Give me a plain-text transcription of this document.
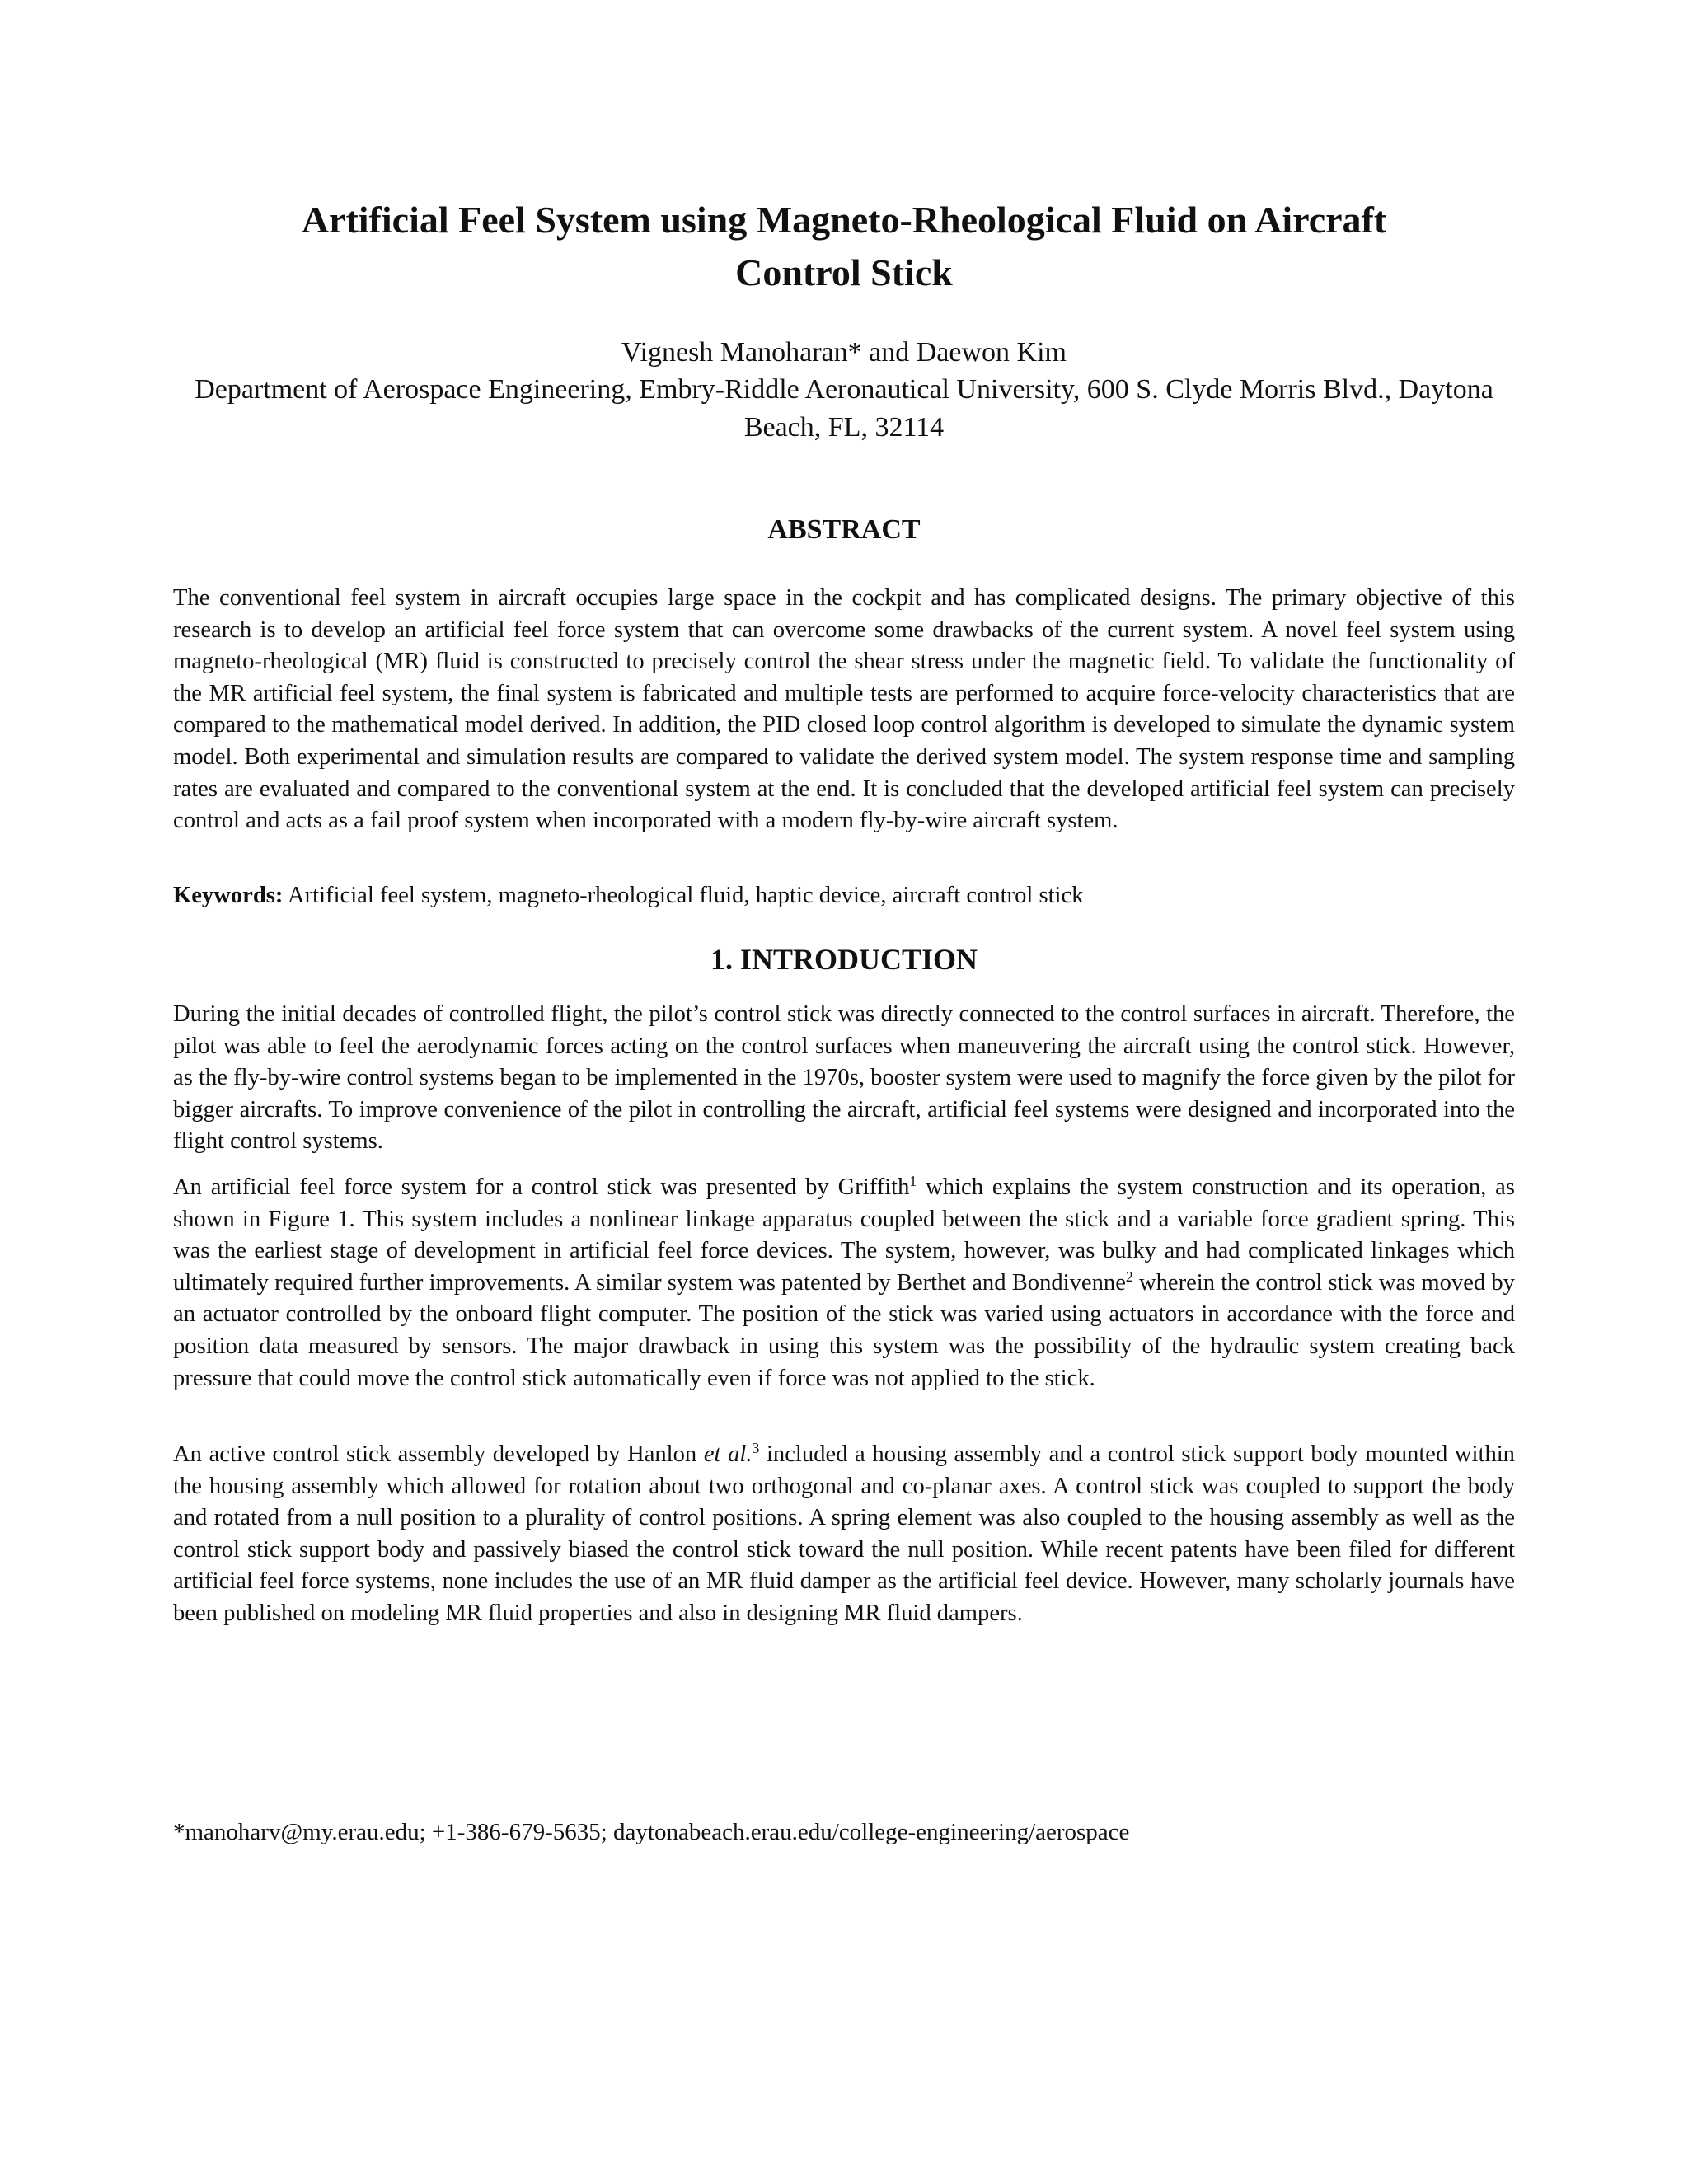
Artificial Feel System using Magneto-Rheological Fluid on Aircraft
Control Stick
Vignesh Manoharan* and Daewon Kim
Department of Aerospace Engineering, Embry-Riddle Aeronautical University, 600 S. Clyde Morris Blvd., Daytona Beach, FL, 32114
ABSTRACT

The conventional feel system in aircraft occupies large space in the cockpit and has complicated designs. The primary objective of this research is to develop an artificial feel force system that can overcome some drawbacks of the current system. A novel feel system using magneto-rheological (MR) fluid is constructed to precisely control the shear stress under the magnetic field. To validate the functionality of the MR artificial feel system, the final system is fabricated and multiple tests are performed to acquire force-velocity characteristics that are compared to the mathematical model derived. In addition, the PID closed loop control algorithm is developed to simulate the dynamic system model. Both experimental and simulation results are compared to validate the derived system model. The system response time and sampling rates are evaluated and compared to the conventional system at the end. It is concluded that the developed artificial feel system can precisely control and acts as a fail proof system when incorporated with a modern fly-by-wire aircraft system.

Keywords: Artificial feel system, magneto-rheological fluid, haptic device, aircraft control stick

1. INTRODUCTION

During the initial decades of controlled flight, the pilot’s control stick was directly connected to the control surfaces in aircraft. Therefore, the pilot was able to feel the aerodynamic forces acting on the control surfaces when maneuvering the aircraft using the control stick. However, as the fly-by-wire control systems began to be implemented in the 1970s, booster system were used to magnify the force given by the pilot for bigger aircrafts. To improve convenience of the pilot in controlling the aircraft, artificial feel systems were designed and incorporated into the flight control systems.

An artificial feel force system for a control stick was presented by Griffith$^1$ which explains the system construction and its operation, as shown in Figure 1. This system includes a nonlinear linkage apparatus coupled between the stick and a variable force gradient spring. This was the earliest stage of development in artificial feel force devices. The system, however, was bulky and had complicated linkages which ultimately required further improvements. A similar system was patented by Berthet and Bondivenne$^2$ wherein the control stick was moved by an actuator controlled by the onboard flight computer. The position of the stick was varied using actuators in accordance with the force and position data measured by sensors. The major drawback in using this system was the possibility of the hydraulic system creating back pressure that could move the control stick automatically even if force was not applied to the stick.

An active control stick assembly developed by Hanlon et al.$^3$ included a housing assembly and a control stick support body mounted within the housing assembly which allowed for rotation about two orthogonal and co-planar axes. A control stick was coupled to support the body and rotated from a null position to a plurality of control positions. A spring element was also coupled to the housing assembly as well as the control stick support body and passively biased the control stick toward the null position. While recent patents have been filed for different artificial feel force systems, none includes the use of an MR fluid damper as the artificial feel device. However, many scholarly journals have been published on modeling MR fluid properties and also in designing MR fluid dampers.

*manoharv@my.erau.edu; +1-386-679-5635; daytonabeach.erau.edu/college-engineering/aerospace
